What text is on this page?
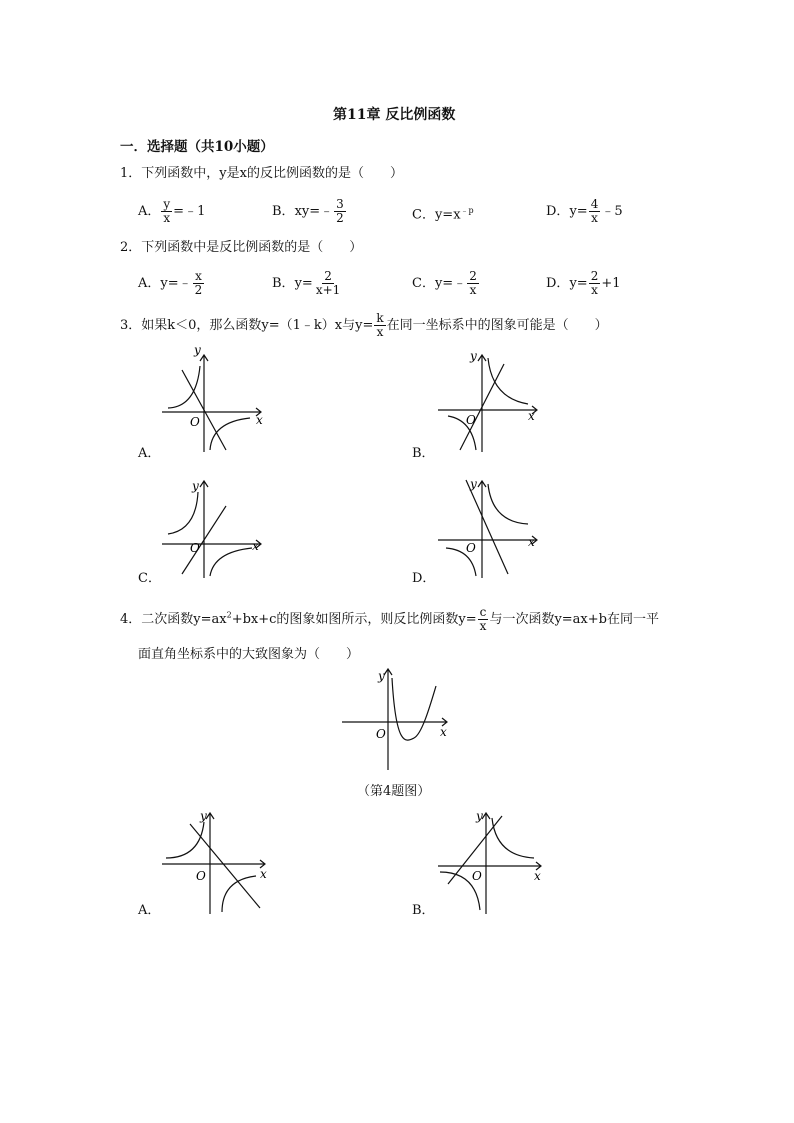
第11章 反比例函数
一．选择题（共10小题）
1．下列函数中，y是x的反比例函数的是（　　）
A． $\frac{y}{x}$ =﹣1	B．xy=﹣ $\frac{3}{2}$	C．$y=x^{﹣p}$	D．$y= \frac{4}{x}$ ﹣5
2．下列函数中是反比例函数的是（　　）
A．y=﹣ $\frac{x}{2}$	B．$y= \frac{2}{x+1}$	C．y=﹣ $\frac{2}{x}$	D．$y= \frac{2}{x} +1$
3．如果k＜0，那么函数y=（1﹣k）x与$y= \frac{k}{x}$ 在同一坐标系中的图象可能是（　　）
y
x
O
A．
y
x
O
B．
y
x
O
C．
y
x
O
D．
4．二次函数$y=ax^2+bx+c$的图象如图所示，则反比例函数$y= \frac{c}{x}$ 与一次函数y=ax+b在同一平
面直角坐标系中的大致图象为（　　）
y
x
O
（第4题图）
y
x
O
A．
y
x
O
B．
